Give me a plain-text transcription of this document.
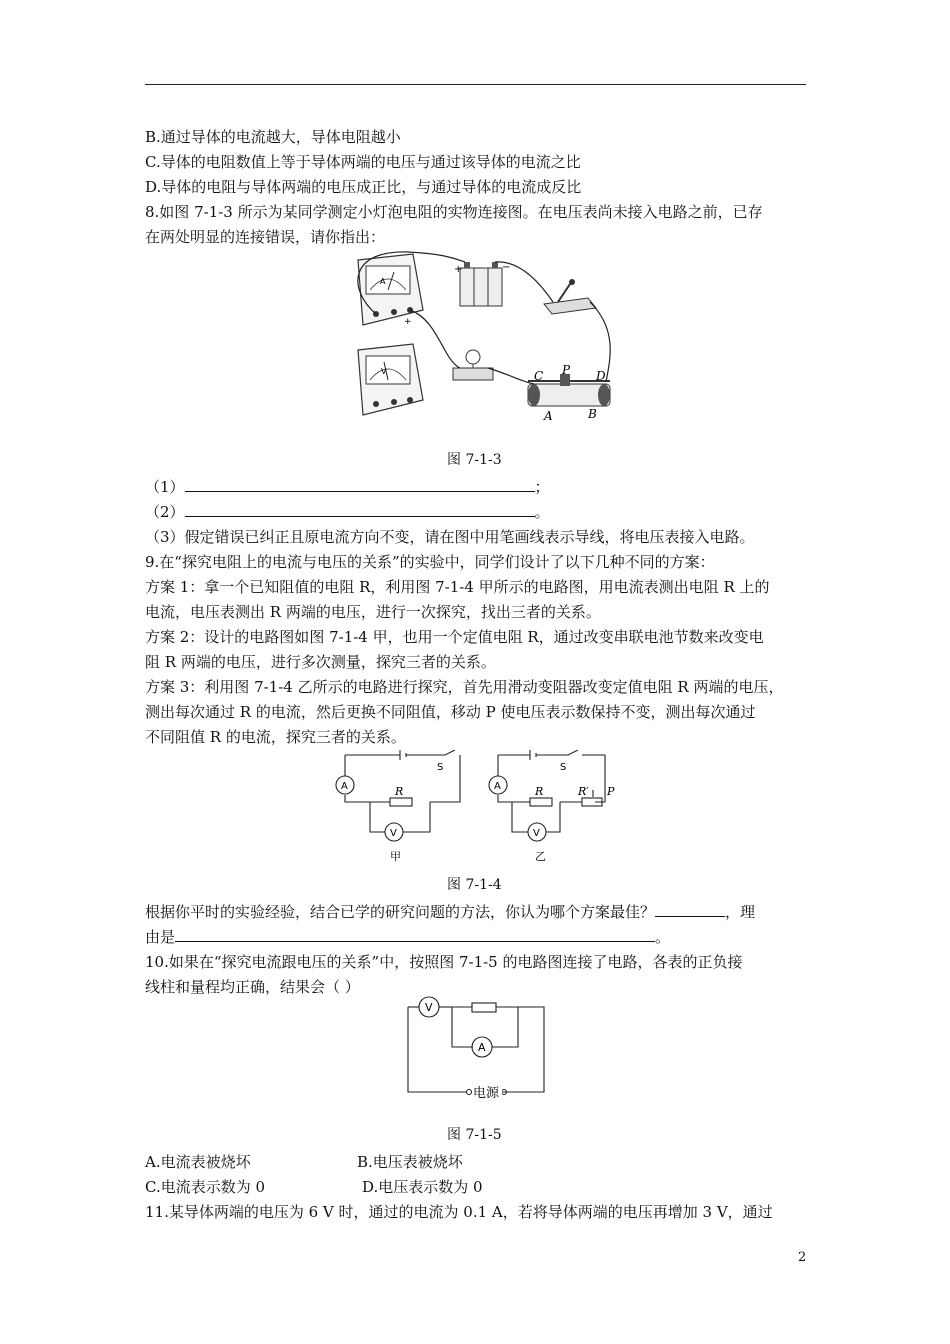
B.通过导体的电流越大，导体电阻越小
C.导体的电阻数值上等于导体两端的电压与通过该导体的电流之比
D.导体的电阻与导体两端的电压成正比，与通过导体的电流成反比
8.如图 7-1-3 所示为某同学测定小灯泡电阻的实物连接图。在电压表尚未接入电路之前，已存
在两处明显的连接错误，请你指出：
A
+
+	−
V	C P D
A	B
图 7-1-3
（1）	；
（2）	。
（3）假定错误已纠正且原电流方向不变，请在图中用笔画线表示导线，将电压表接入电路。
9.在“探究电阻上的电流与电压的关系”的实验中，同学们设计了以下几种不同的方案：
方案 1：拿一个已知阻值的电阻 R，利用图 7-1-4 甲所示的电路图，用电流表测出电阻 R 上的
电流，电压表测出 R 两端的电压，进行一次探究，找出三者的关系。
方案 2：设计的电路图如图 7-1-4 甲，也用一个定值电阻 R，通过改变串联电池节数来改变电
阻 R 两端的电压，进行多次测量，探究三者的关系。
方案 3：利用图 7-1-4 乙所示的电路进行探究，首先用滑动变阻器改变定值电阻 R 两端的电压，
测出每次通过 R 的电流，然后更换不同阻值，移动 P 使电压表示数保持不变，测出每次通过
不同阻值 R 的电流，探究三者的关系。
A
V
S
R
甲
A
V
S
R	R′ P
乙
图 7-1-4
根据你平时的实验经验，结合已学的研究问题的方法，你认为哪个方案最佳？	，理
由是	。
10.如果在“探究电流跟电压的关系”中，按照图 7-1-5 的电路图连接了电路，各表的正负接
线柱和量程均正确，结果会（ ）
V
A
电源
图 7-1-5
A.电流表被烧坏	B.电压表被烧坏
C.电流表示数为 0	D.电压表示数为 0
11.某导体两端的电压为 6 V 时，通过的电流为 0.1 A，若将导体两端的电压再增加 3 V，通过
2
